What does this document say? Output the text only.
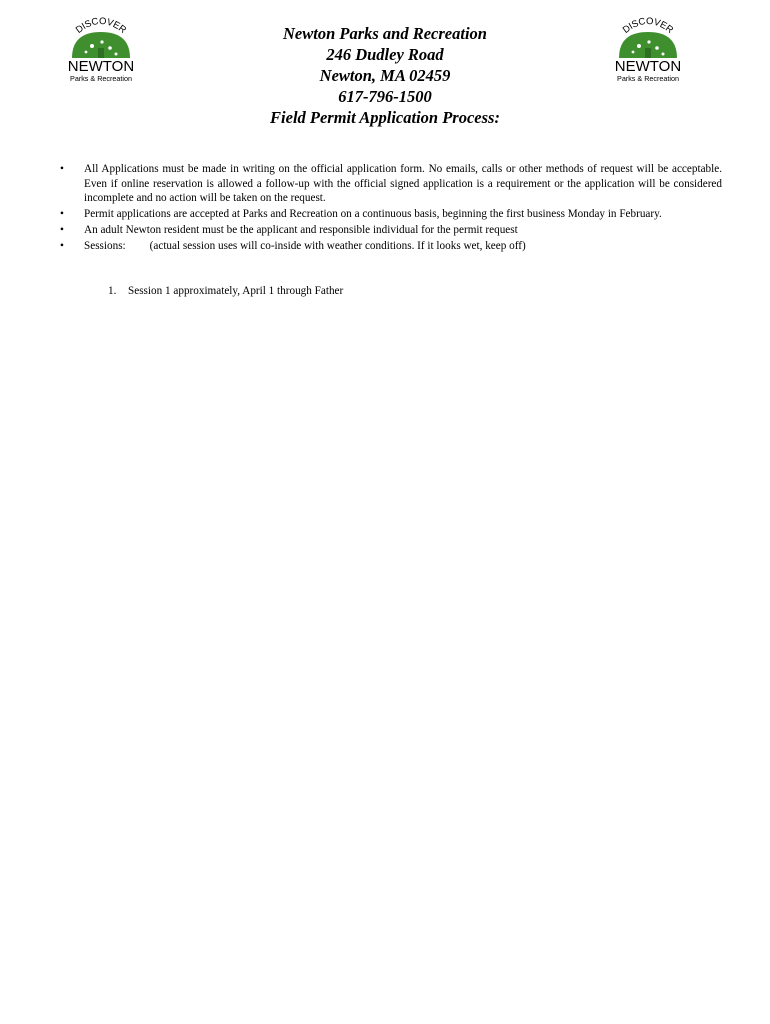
DISCOVER
NEWTON
Parks & Recreation
DISCOVER
NEWTON
Parks & Recreation
Newton Parks and Recreation
246 Dudley Road
Newton, MA 02459
617-796-1500
Field Permit Application Process:
• All Applications must be made in writing on the official application form. No emails, calls or other methods of request will be acceptable. Even if online reservation is allowed a follow-up with the official signed application is a requirement or the application will be considered incomplete and no action will be taken on the request.
• Permit applications are accepted at Parks and Recreation on a continuous basis, beginning the first business Monday in February.
• An adult Newton resident must be the applicant and responsible individual for the permit request
• Sessions: (actual session uses will co-inside with weather conditions. If it looks wet, keep off)
1. Session 1 approximately, April 1 through Father
